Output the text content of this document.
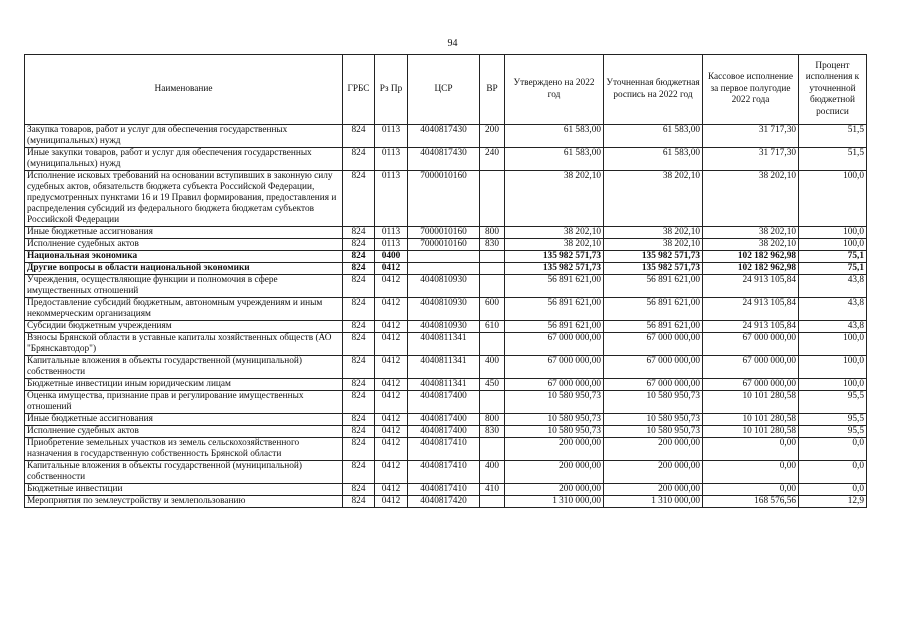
94
Наименование	ГРБС	Рз Пр	ЦСР	ВР	Утверждено на 2022 год	Уточненная бюджетная роспись на 2022 год	Кассовое исполнение за первое полугодие 2022 года	Процент исполнения к уточненной бюджетной росписи
Закупка товаров, работ и услуг для обеспечения государственных (муниципальных) нужд	824	0113	4040817430	200	61 583,00	61 583,00	31 717,30	51,5
Иные закупки товаров, работ и услуг для обеспечения государственных (муниципальных) нужд	824	0113	4040817430	240	61 583,00	61 583,00	31 717,30	51,5
Исполнение исковых требований на основании вступивших в законную силу судебных актов, обязательств бюджета субъекта Российской Федерации, предусмотренных пунктами 16 и 19 Правил формирования, предоставления и распределения субсидий из федерального бюджета бюджетам субъектов Российской Федерации	824	0113	7000010160		38 202,10	38 202,10	38 202,10	100,0
Иные бюджетные ассигнования	824	0113	7000010160	800	38 202,10	38 202,10	38 202,10	100,0
Исполнение судебных актов	824	0113	7000010160	830	38 202,10	38 202,10	38 202,10	100,0
Национальная экономика	824	0400			135 982 571,73	135 982 571,73	102 182 962,98	75,1
Другие вопросы в области национальной экономики	824	0412			135 982 571,73	135 982 571,73	102 182 962,98	75,1
Учреждения, осуществляющие функции и полномочия в сфере имущественных отношений	824	0412	4040810930		56 891 621,00	56 891 621,00	24 913 105,84	43,8
Предоставление субсидий бюджетным, автономным учреждениям и иным некоммерческим организациям	824	0412	4040810930	600	56 891 621,00	56 891 621,00	24 913 105,84	43,8
Субсидии бюджетным учреждениям	824	0412	4040810930	610	56 891 621,00	56 891 621,00	24 913 105,84	43,8
Взносы Брянской области в уставные капиталы хозяйственных обществ (АО "Брянскавтодор")	824	0412	4040811341		67 000 000,00	67 000 000,00	67 000 000,00	100,0
Капитальные вложения в объекты государственной (муниципальной) собственности	824	0412	4040811341	400	67 000 000,00	67 000 000,00	67 000 000,00	100,0
Бюджетные инвестиции иным юридическим лицам	824	0412	4040811341	450	67 000 000,00	67 000 000,00	67 000 000,00	100,0
Оценка имущества, признание прав и регулирование имущественных отношений	824	0412	4040817400		10 580 950,73	10 580 950,73	10 101 280,58	95,5
Иные бюджетные ассигнования	824	0412	4040817400	800	10 580 950,73	10 580 950,73	10 101 280,58	95,5
Исполнение судебных актов	824	0412	4040817400	830	10 580 950,73	10 580 950,73	10 101 280,58	95,5
Приобретение земельных участков из земель сельскохозяйственного назначения в государственную собственность Брянской области	824	0412	4040817410		200 000,00	200 000,00	0,00	0,0
Капитальные вложения в объекты государственной (муниципальной) собственности	824	0412	4040817410	400	200 000,00	200 000,00	0,00	0,0
Бюджетные инвестиции	824	0412	4040817410	410	200 000,00	200 000,00	0,00	0,0
Мероприятия по землеустройству и землепользованию	824	0412	4040817420		1 310 000,00	1 310 000,00	168 576,56	12,9
